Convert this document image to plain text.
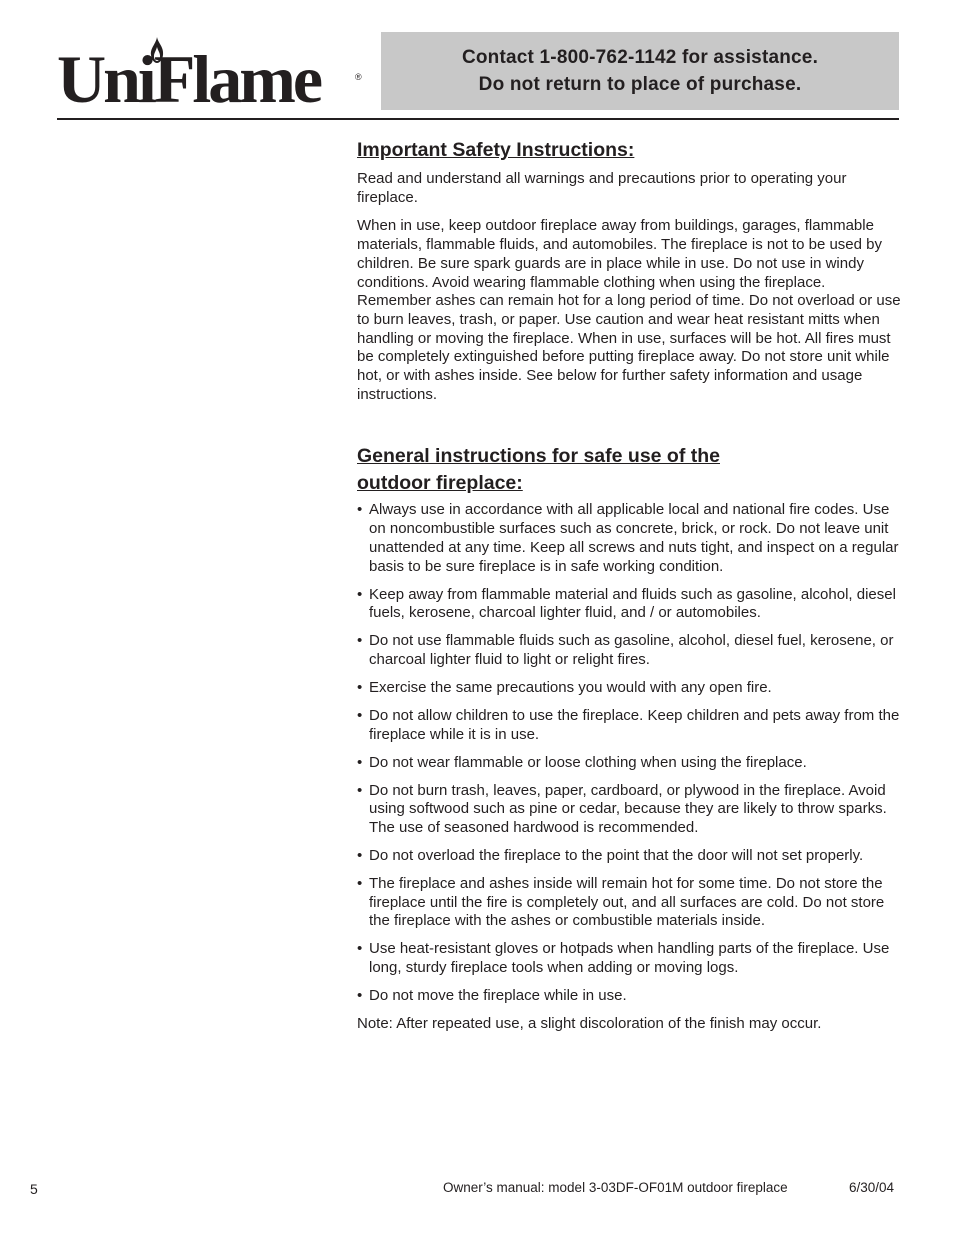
UniFlame	®
Contact 1-800-762-1142 for assistance.
Do not return to place of purchase.
Important Safety Instructions:

Read and understand all warnings and precautions prior to operating your fireplace.

When in use, keep outdoor fireplace away from buildings, garages, flammable materials, flammable fluids, and automobiles. The fireplace is not to be used by children. Be sure spark guards are in place while in use. Do not use in windy conditions. Avoid wearing flammable clothing when using the fireplace. Remember ashes can remain hot for a long period of time. Do not overload or use to burn leaves, trash, or paper. Use caution and wear heat resistant mitts when handling or moving the fireplace. When in use, surfaces will be hot. All fires must be completely extinguished before putting fireplace away. Do not store unit while hot, or with ashes inside. See below for further safety information and usage instructions.

General instructions for safe use of the
outdoor fireplace:
• Always use in accordance with all applicable local and national fire codes. Use on noncombustible surfaces such as concrete, brick, or rock. Do not leave unit unattended at any time. Keep all screws and nuts tight, and inspect on a regular basis to be sure fireplace is in safe working condition.
• Keep away from flammable material and fluids such as gasoline, alcohol, diesel fuels, kerosene, charcoal lighter fluid, and / or automobiles.
• Do not use flammable fluids such as gasoline, alcohol, diesel fuel, kerosene, or charcoal lighter fluid to light or relight fires.
• Exercise the same precautions you would with any open fire.
• Do not allow children to use the fireplace. Keep children and pets away from the fireplace while it is in use.
• Do not wear flammable or loose clothing when using the fireplace.
• Do not burn trash, leaves, paper, cardboard, or plywood in the fireplace. Avoid using softwood such as pine or cedar, because they are likely to throw sparks. The use of seasoned hardwood is recommended.
• Do not overload the fireplace to the point that the door will not set properly.
• The fireplace and ashes inside will remain hot for some time. Do not store the fireplace until the fire is completely out, and all surfaces are cold. Do not store the fireplace with the ashes or combustible materials inside.
• Use heat-resistant gloves or hotpads when handling parts of the fireplace. Use long, sturdy fireplace tools when adding or moving logs.
• Do not move the fireplace while in use.

Note: After repeated use, a slight discoloration of the finish may occur.

5	Owner’s manual: model 3-03DF-OF01M outdoor fireplace	6/30/04
